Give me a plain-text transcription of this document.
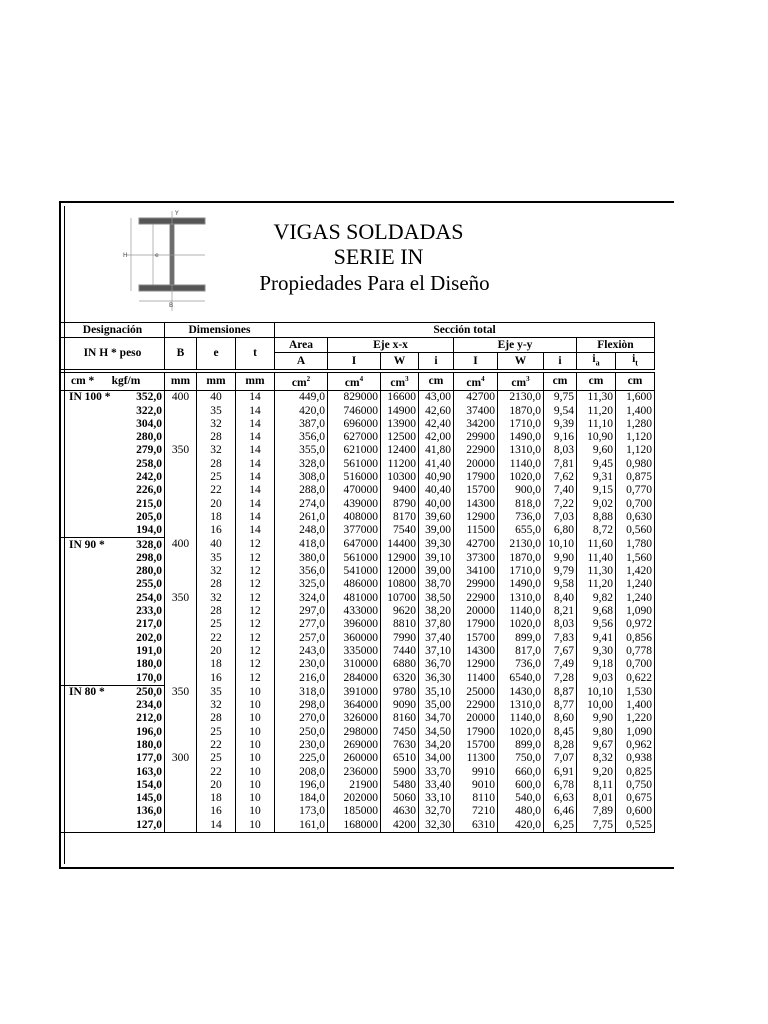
H	e
B
Y
VIGAS SOLDADAS
SERIE IN
Propiedades Para el Diseño
Designación		Dimensiones			Sección total								
IN H * peso		B	e	t	Area	Eje x-x			Eje y-y			Flexiòn	
					A	I	W	i	I	W	i	$i_a$	$i_t$

cm * kgf/m		mm	mm	mm	$cm^2$	$cm^4$	$cm^3$	cm	$cm^4$	$cm^3$	cm	cm	cm
IN 100 *	352,0	400	40	14	449,0	829000	16600	43,00	42700	2130,0	9,75	11,30	1,600
	322,0		35	14	420,0	746000	14900	42,60	37400	1870,0	9,54	11,20	1,400
	304,0		32	14	387,0	696000	13900	42,40	34200	1710,0	9,39	11,10	1,280
	280,0		28	14	356,0	627000	12500	42,00	29900	1490,0	9,16	10,90	1,120
	279,0	350	32	14	355,0	621000	12400	41,80	22900	1310,0	8,03	9,60	1,120
	258,0		28	14	328,0	561000	11200	41,40	20000	1140,0	7,81	9,45	0,980
	242,0		25	14	308,0	516000	10300	40,90	17900	1020,0	7,62	9,31	0,875
	226,0		22	14	288,0	470000	9400	40,40	15700	900,0	7,40	9,15	0,770
	215,0		20	14	274,0	439000	8790	40,00	14300	818,0	7,22	9,02	0,700
	205,0		18	14	261,0	408000	8170	39,60	12900	736,0	7,03	8,88	0,630
	194,0		16	14	248,0	377000	7540	39,00	11500	655,0	6,80	8,72	0,560
IN 90 *	328,0	400	40	12	418,0	647000	14400	39,30	42700	2130,0	10,10	11,60	1,780
	298,0		35	12	380,0	561000	12900	39,10	37300	1870,0	9,90	11,40	1,560
	280,0		32	12	356,0	541000	12000	39,00	34100	1710,0	9,79	11,30	1,420
	255,0		28	12	325,0	486000	10800	38,70	29900	1490,0	9,58	11,20	1,240
	254,0	350	32	12	324,0	481000	10700	38,50	22900	1310,0	8,40	9,82	1,240
	233,0		28	12	297,0	433000	9620	38,20	20000	1140,0	8,21	9,68	1,090
	217,0		25	12	277,0	396000	8810	37,80	17900	1020,0	8,03	9,56	0,972
	202,0		22	12	257,0	360000	7990	37,40	15700	899,0	7,83	9,41	0,856
	191,0		20	12	243,0	335000	7440	37,10	14300	817,0	7,67	9,30	0,778
	180,0		18	12	230,0	310000	6880	36,70	12900	736,0	7,49	9,18	0,700
	170,0		16	12	216,0	284000	6320	36,30	11400	6540,0	7,28	9,03	0,622
IN 80 *	250,0	350	35	10	318,0	391000	9780	35,10	25000	1430,0	8,87	10,10	1,530
	234,0		32	10	298,0	364000	9090	35,00	22900	1310,0	8,77	10,00	1,400
	212,0		28	10	270,0	326000	8160	34,70	20000	1140,0	8,60	9,90	1,220
	196,0		25	10	250,0	298000	7450	34,50	17900	1020,0	8,45	9,80	1,090
	180,0		22	10	230,0	269000	7630	34,20	15700	899,0	8,28	9,67	0,962
	177,0	300	25	10	225,0	260000	6510	34,00	11300	750,0	7,07	8,32	0,938
	163,0		22	10	208,0	236000	5900	33,70	9910	660,0	6,91	9,20	0,825
	154,0		20	10	196,0	21900	5480	33,40	9010	600,0	6,78	8,11	0,750
	145,0		18	10	184,0	202000	5060	33,10	8110	540,0	6,63	8,01	0,675
	136,0		16	10	173,0	185000	4630	32,70	7210	480,0	6,46	7,89	0,600
	127,0		14	10	161,0	168000	4200	32,30	6310	420,0	6,25	7,75	0,525
